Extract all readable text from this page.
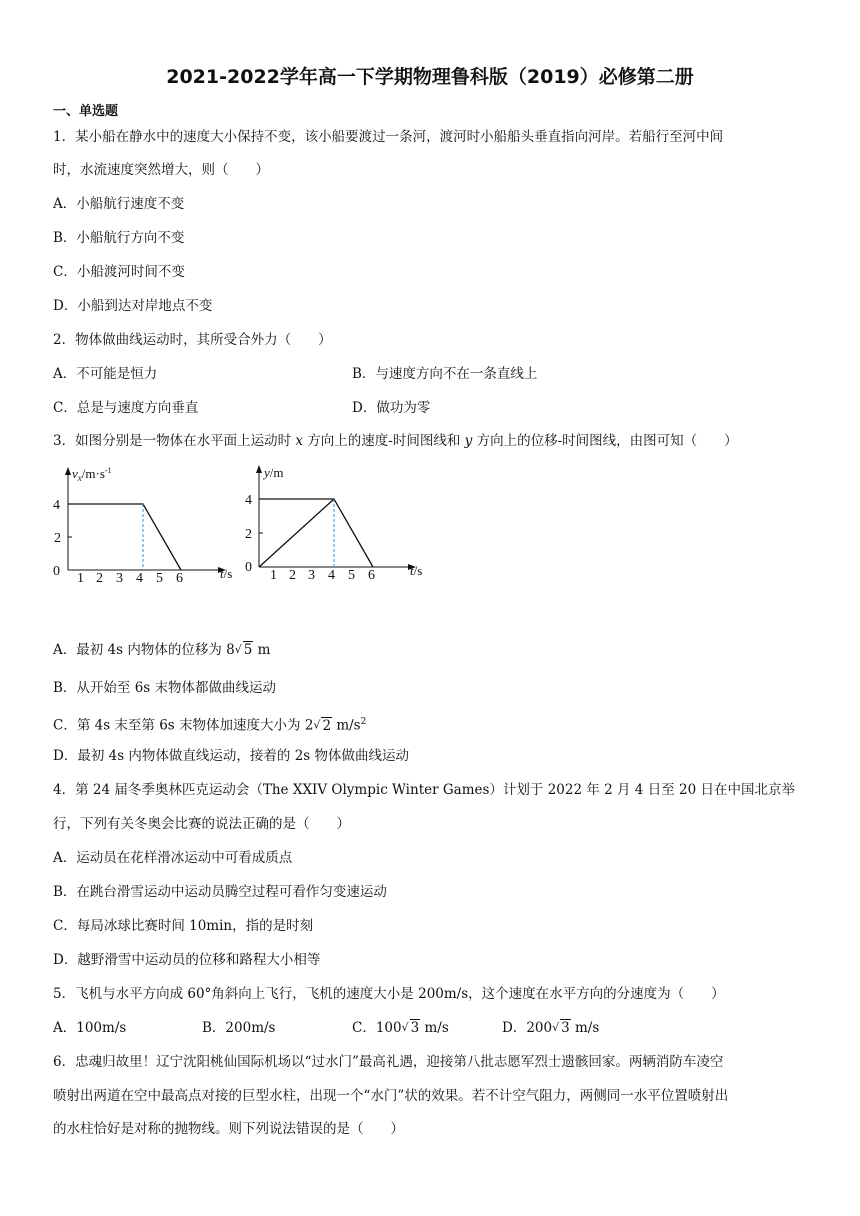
2021-2022学年高一下学期物理鲁科版（2019）必修第二册
一、单选题
1．某小船在静水中的速度大小保持不变，该小船要渡过一条河，渡河时小船船头垂直指向河岸。若船行至河中间
时，水流速度突然增大，则（　　）
A．小船航行速度不变
B．小船航行方向不变
C．小船渡河时间不变
D．小船到达对岸地点不变
2．物体做曲线运动时，其所受合外力（　　）
A．不可能是恒力	B．与速度方向不在一条直线上
C．总是与速度方向垂直	D．做功为零
3．如图分别是一物体在水平面上运动时 x 方向上的速度-时间图线和 y 方向上的位移-时间图线，由图可知（　　）
$v_x/m\cdot s^{-1}$
4
2
0 1 2 3 4 5 6	t/s
y/m
4
2
0
1 2 3 4 5 6	t/s
A．最初 4s 内物体的位移为 8√ 5 m
B．从开始至 6s 末物体都做曲线运动
C．第 4s 末至第 6s 末物体加速度大小为 2√ 2 $m/s^2$
D．最初 4s 内物体做直线运动，接着的 2s 物体做曲线运动
4．第 24 届冬季奥林匹克运动会（The XXIV Olympic Winter Games）计划于 2022 年 2 月 4 日至 20 日在中国北京举
行，下列有关冬奥会比赛的说法正确的是（　　）
A．运动员在花样滑冰运动中可看成质点
B．在跳台滑雪运动中运动员腾空过程可看作匀变速运动
C．每局冰球比赛时间 10min，指的是时刻
D．越野滑雪中运动员的位移和路程大小相等
5．飞机与水平方向成 60°角斜向上飞行，飞机的速度大小是 200m/s，这个速度在水平方向的分速度为（　　）
A．100m/s	B．200m/s	C．100√ 3 m/s	D．200√ 3 m/s
6．忠魂归故里！辽宁沈阳桃仙国际机场以“过水门”最高礼遇，迎接第八批志愿军烈士遗骸回家。两辆消防车凌空
喷射出两道在空中最高点对接的巨型水柱，出现一个“水门”状的效果。若不计空气阻力，两侧同一水平位置喷射出
的水柱恰好是对称的抛物线。则下列说法错误的是（　　）
